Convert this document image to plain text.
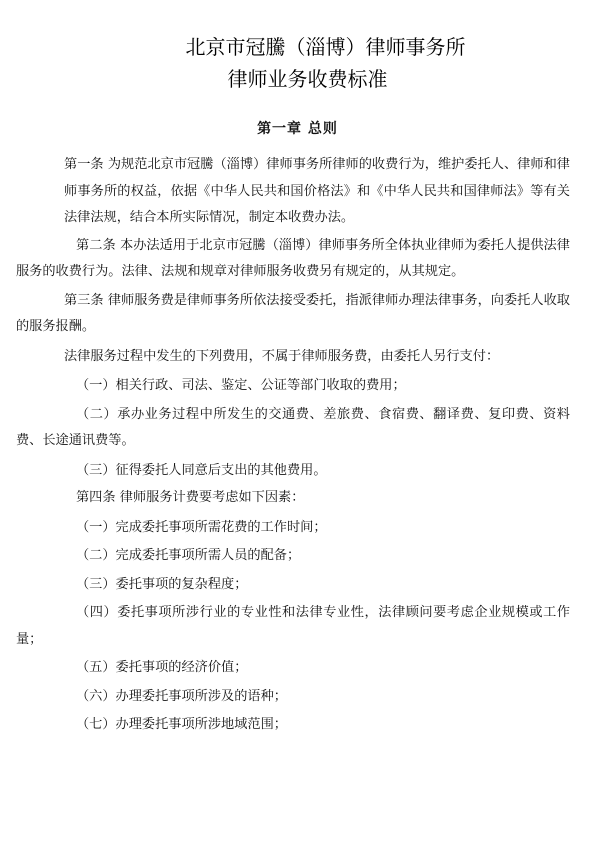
北京市冠騰（淄博）律师事务所
律师业务收费标准
第一章 总则

第一条 为规范北京市冠騰（淄博）律师事务所律师的收费行为，维护委托人、律师和律师事务所的权益，依据《中华人民共和国价格法》和《中华人民共和国律师法》等有关法律法规，结合本所实际情况，制定本收费办法。

第二条 本办法适用于北京市冠騰（淄博）律师事务所全体执业律师为委托人提供法律服务的收费行为。法律、法规和规章对律师服务收费另有规定的，从其规定。

第三条 律师服务费是律师事务所依法接受委托，指派律师办理法律事务，向委托人收取的服务报酬。

法律服务过程中发生的下列费用，不属于律师服务费，由委托人另行支付：

（一）相关行政、司法、鉴定、公证等部门收取的费用；

（二）承办业务过程中所发生的交通费、差旅费、食宿费、翻译费、复印费、资料费、长途通讯费等。

（三）征得委托人同意后支出的其他费用。

第四条 律师服务计费要考虑如下因素：

（一）完成委托事项所需花费的工作时间；

（二）完成委托事项所需人员的配备；

（三）委托事项的复杂程度；

（四）委托事项所涉行业的专业性和法律专业性，法律顾问要考虑企业规模或工作量；

（五）委托事项的经济价值；

（六）办理委托事项所涉及的语种；

（七）办理委托事项所涉地域范围；
